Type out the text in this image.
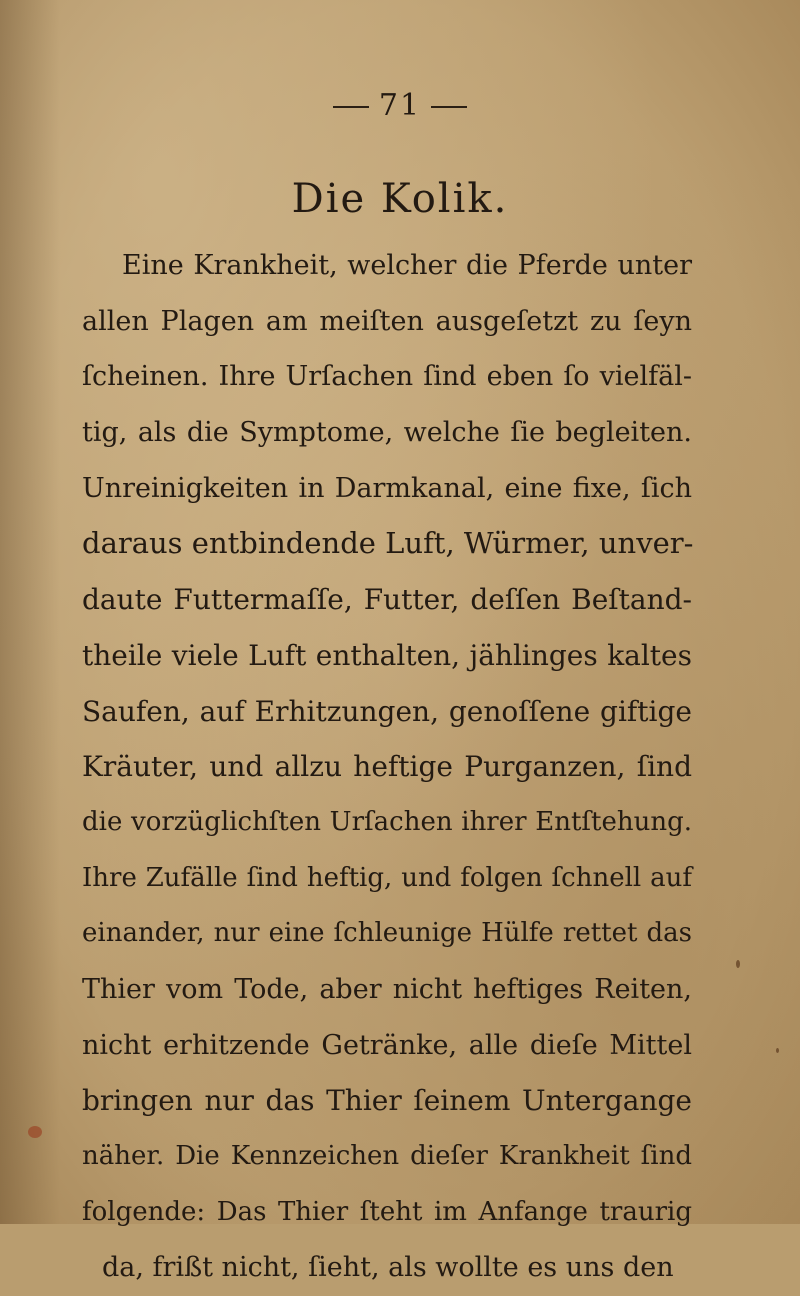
71
Die Kolik.
Eine Krankheit, welcher die Pferde unter
allen Plagen am meiſten ausgeſetzt zu ſeyn
ſcheinen. Ihre Urſachen ſind eben ſo vielfäl-
tig, als die Symptome, welche ſie begleiten.
Unreinigkeiten in Darmkanal, eine fixe, ſich
daraus entbindende Luft, Würmer, unver-
daute Futtermaſſe, Futter, deſſen Beſtand-
theile viele Luft enthalten, jählinges kaltes
Saufen, auf Erhitzungen, genoſſene giftige
Kräuter, und allzu heftige Purganzen, ſind
die vorzüglichſten Urſachen ihrer Entſtehung.
Ihre Zufälle ſind heftig, und folgen ſchnell auf
einander, nur eine ſchleunige Hülfe rettet das
Thier vom Tode, aber nicht heftiges Reiten,
nicht erhitzende Getränke, alle dieſe Mittel
bringen nur das Thier ſeinem Untergange
näher. Die Kennzeichen dieſer Krankheit ſind
folgende: Das Thier ſteht im Anfange traurig
da, frißt nicht, ſieht, als wollte es uns den
